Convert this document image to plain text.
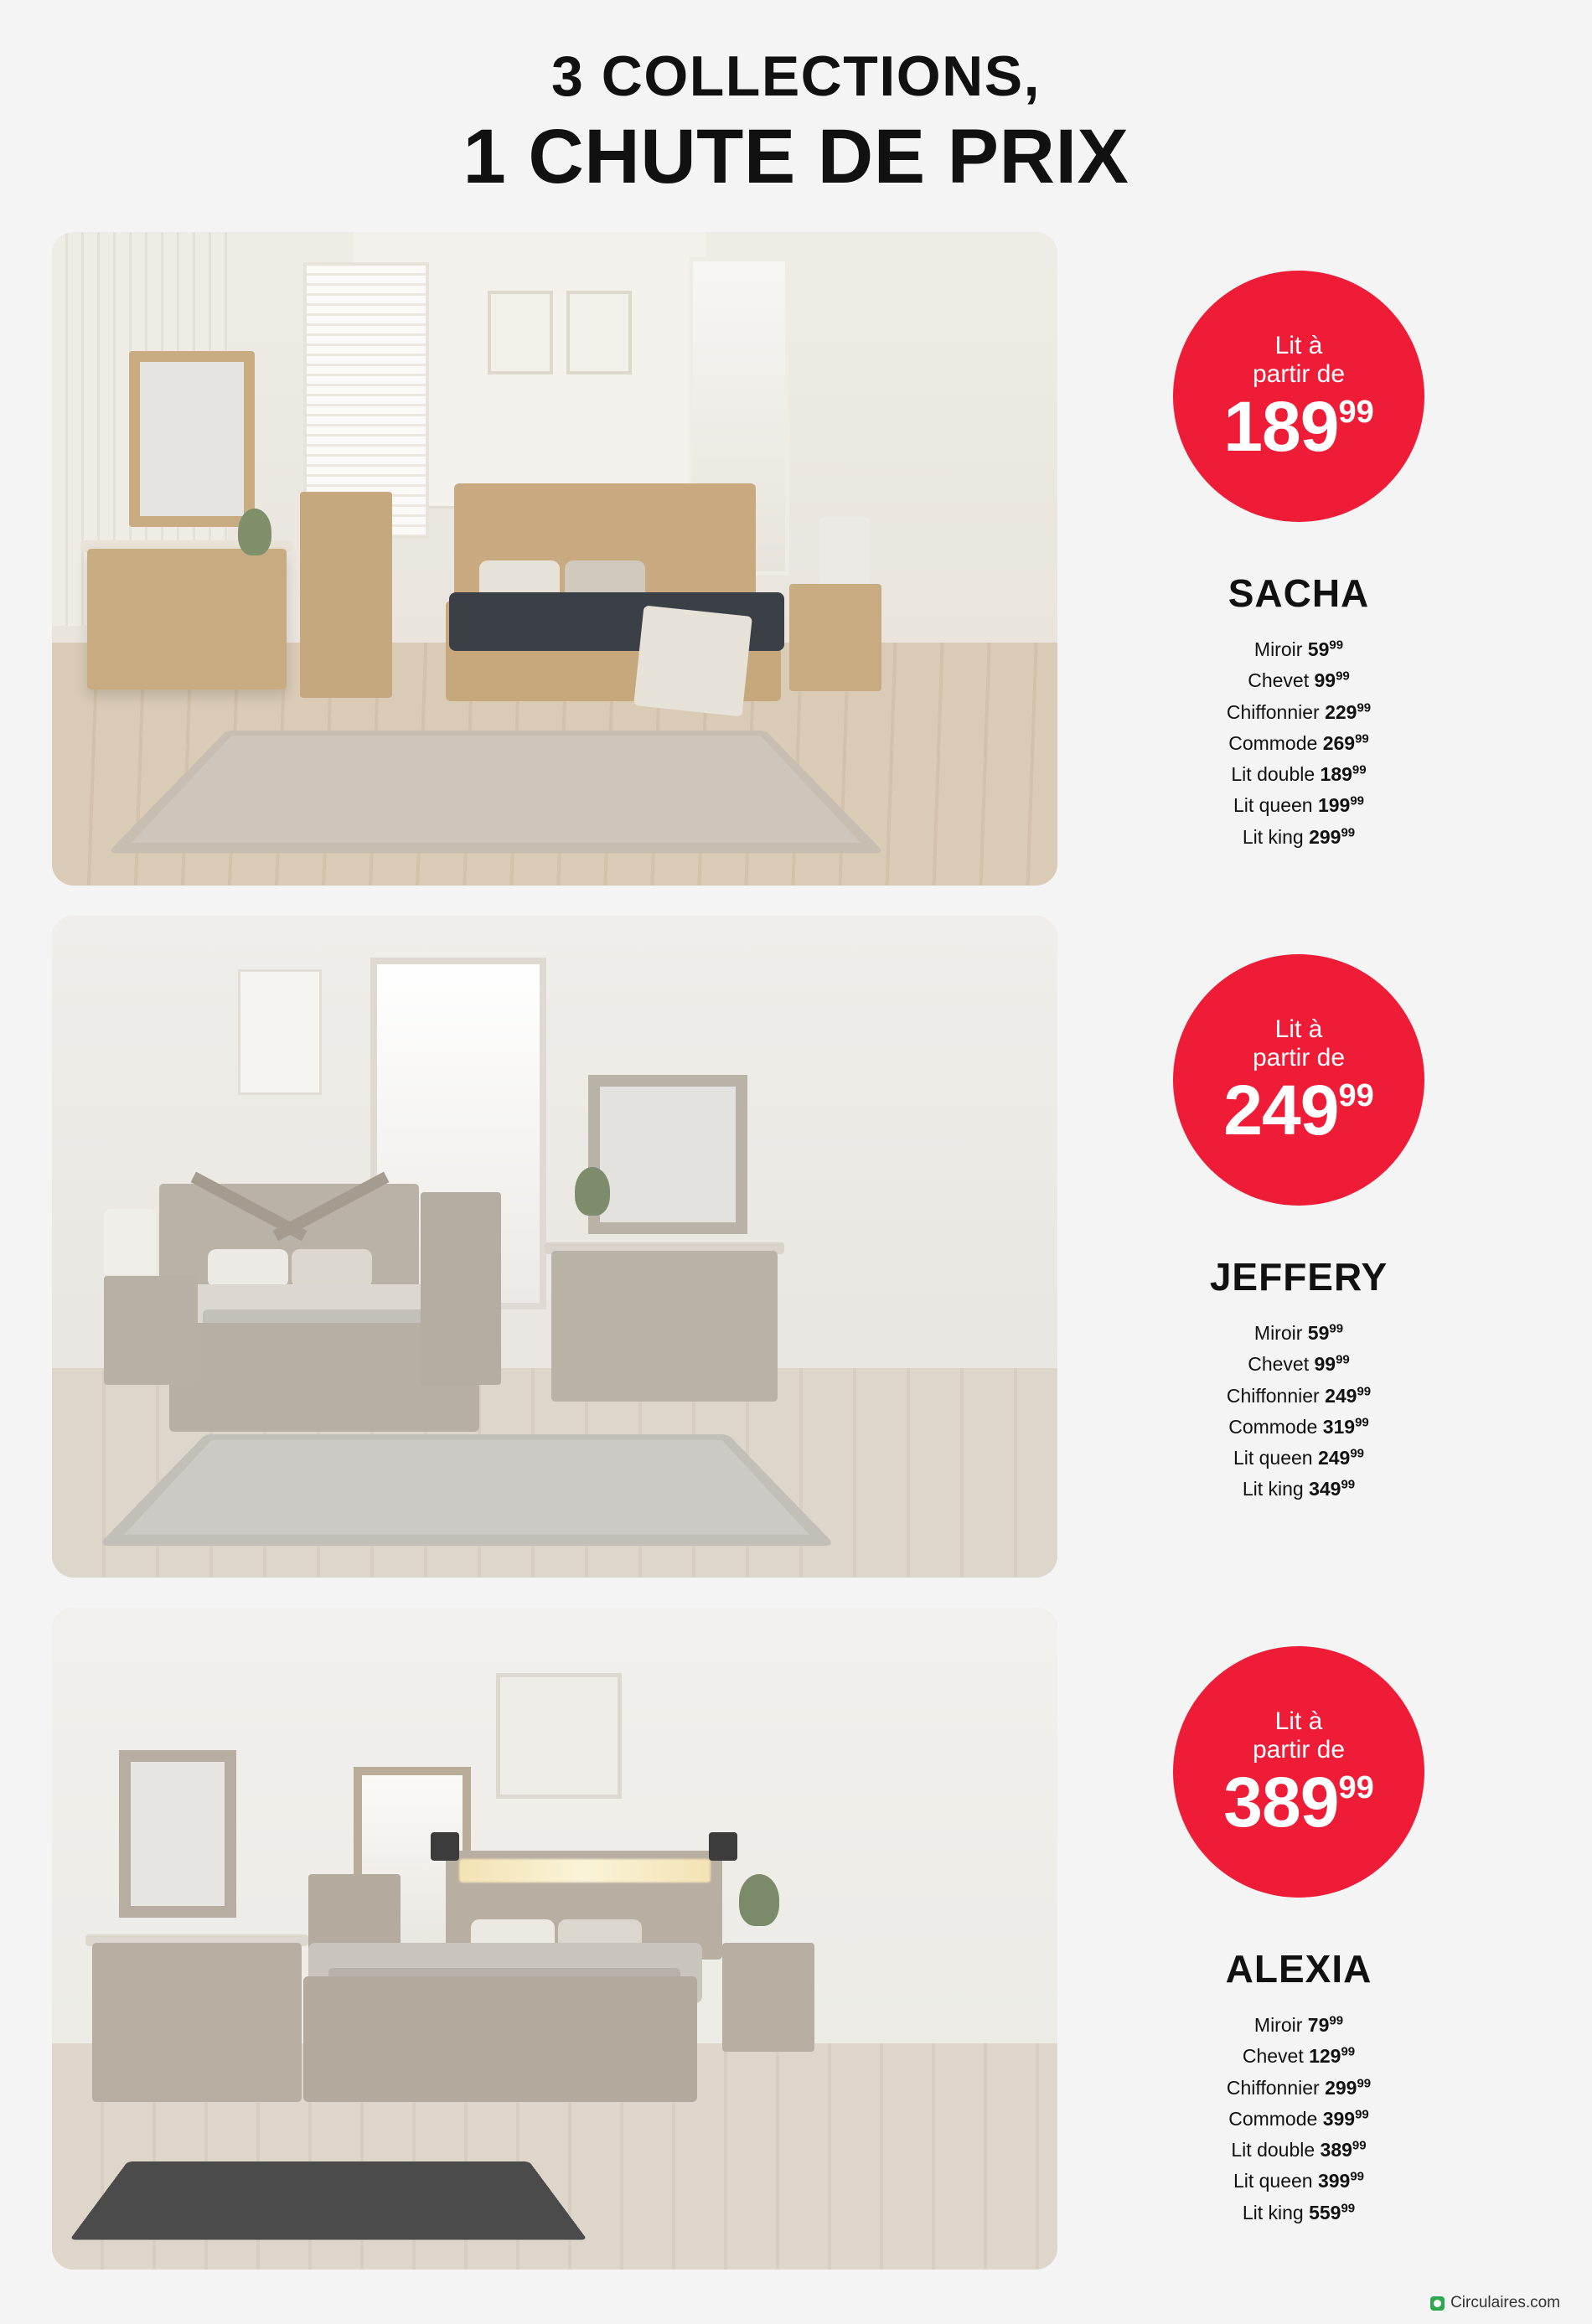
3 COLLECTIONS,
1 CHUTE DE PRIX
Lit à
partir de
189 99
SACHA
Miroir $59^{99}$
Chevet $99^{99}$
Chiffonnier $229^{99}$
Commode $269^{99}$
Lit double $189^{99}$
Lit queen $199^{99}$
Lit king $299^{99}$
Lit à
partir de
249 99
JEFFERY
Miroir $59^{99}$
Chevet $99^{99}$
Chiffonnier $249^{99}$
Commode $319^{99}$
Lit queen $249^{99}$
Lit king $349^{99}$
Lit à
partir de
389 99
ALEXIA
Miroir $79^{99}$
Chevet $129^{99}$
Chiffonnier $299^{99}$
Commode $399^{99}$
Lit double $389^{99}$
Lit queen $399^{99}$
Lit king $559^{99}$
Circulaires.com
